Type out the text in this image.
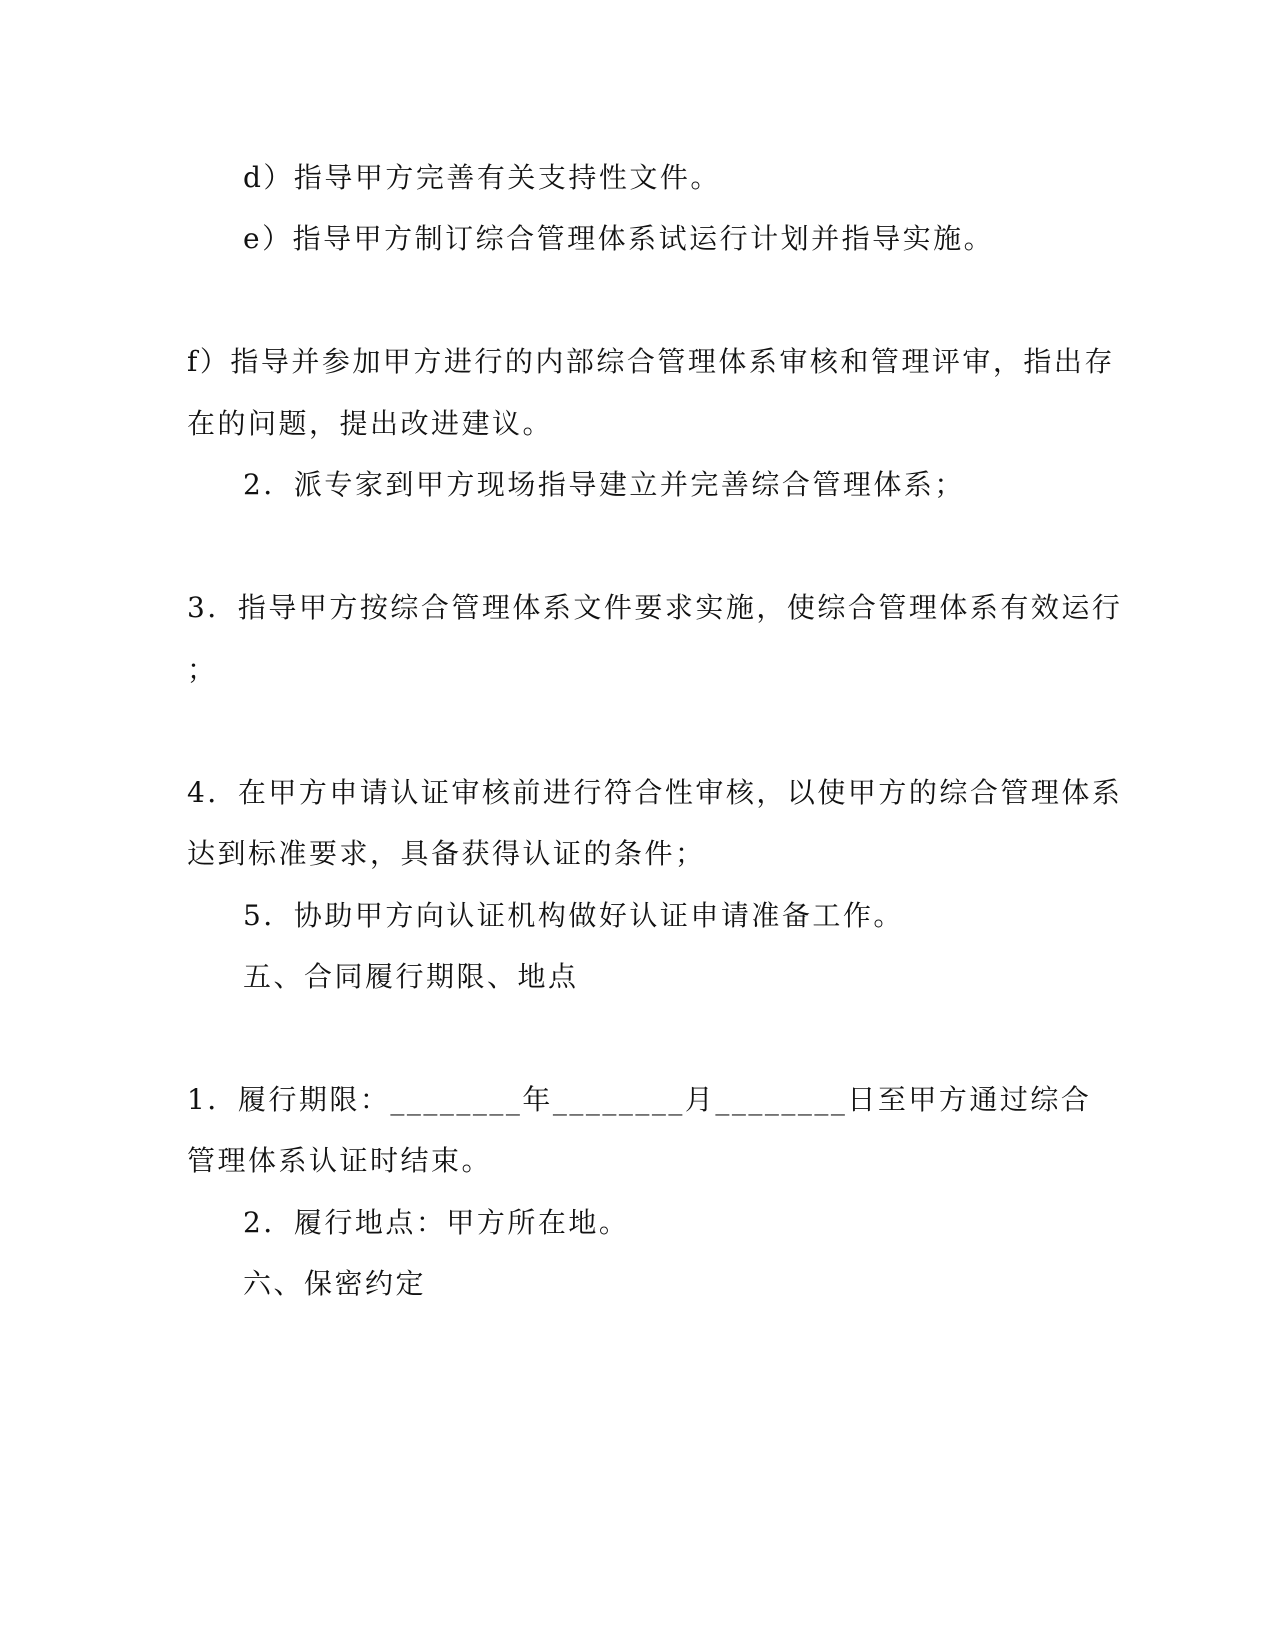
d）指导甲方完善有关支持性文件。
e）指导甲方制订综合管理体系试运行计划并指导实施。
f）指导并参加甲方进行的内部综合管理体系审核和管理评审，指出存
在的问题，提出改进建议。
2．派专家到甲方现场指导建立并完善综合管理体系；
3．指导甲方按综合管理体系文件要求实施，使综合管理体系有效运行
；
4．在甲方申请认证审核前进行符合性审核，以使甲方的综合管理体系
达到标准要求，具备获得认证的条件；
5．协助甲方向认证机构做好认证申请准备工作。
五、合同履行期限、地点
1．履行期限：________年________月________日至甲方通过综合
管理体系认证时结束。
2．履行地点：甲方所在地。
六、保密约定
